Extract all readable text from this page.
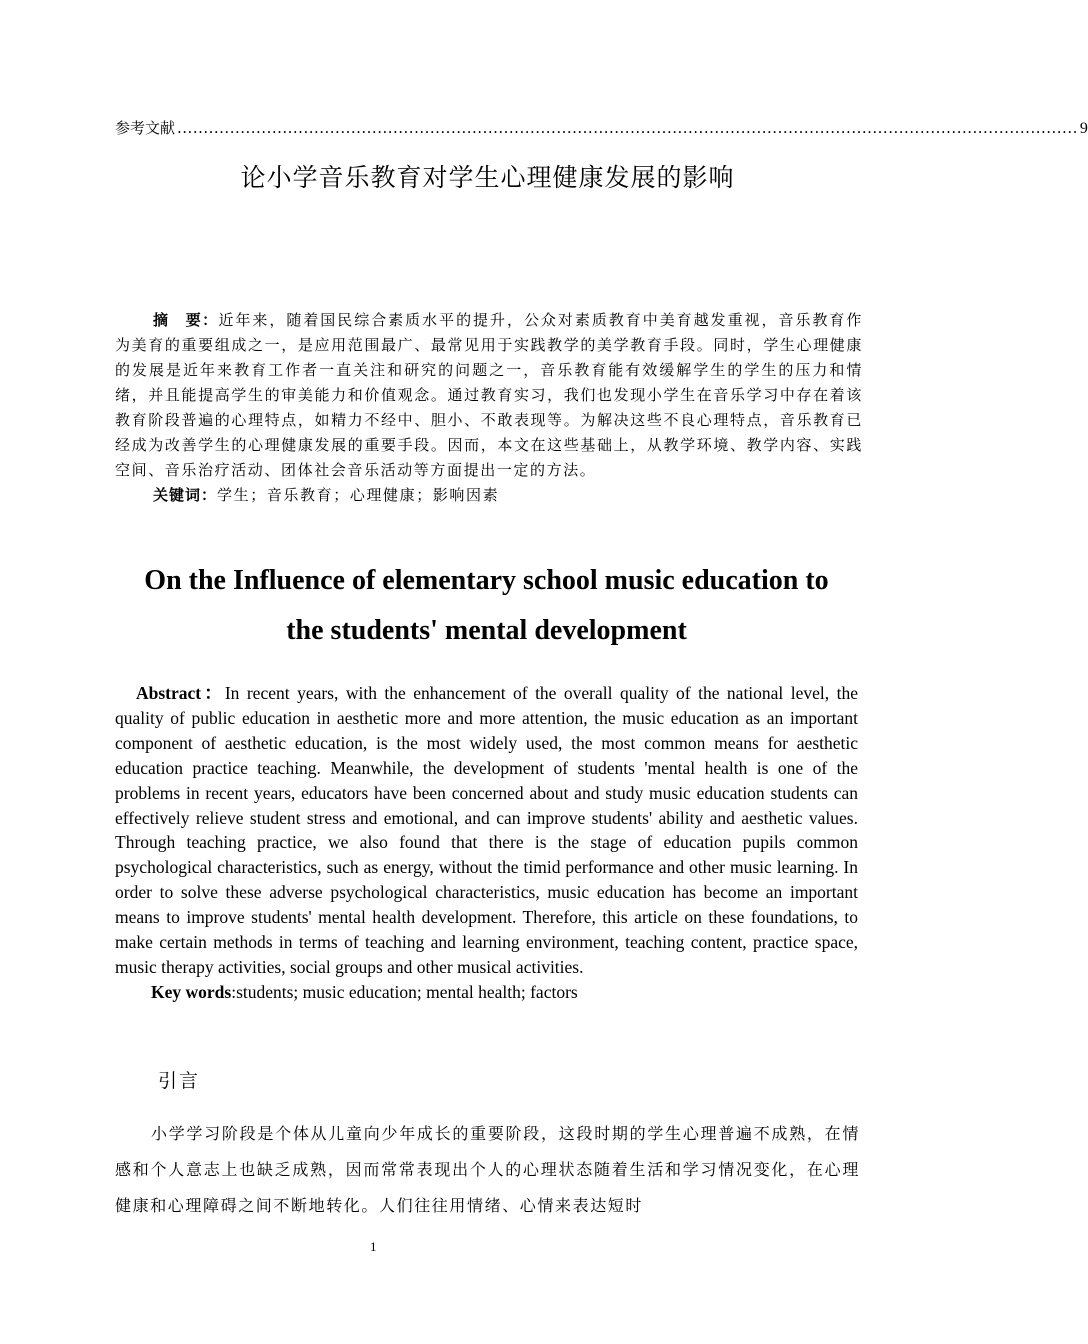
参考文献 ........................................................................................................................................................................... 9
论小学音乐教育对学生心理健康发展的影响

摘　要：近年来，随着国民综合素质水平的提升，公众对素质教育中美育越发重视，音乐教育作为美育的重要组成之一，是应用范围最广、最常见用于实践教学的美学教育手段。同时，学生心理健康的发展是近年来教育工作者一直关注和研究的问题之一，音乐教育能有效缓解学生的学生的压力和情绪，并且能提高学生的审美能力和价值观念。通过教育实习，我们也发现小学生在音乐学习中存在着该教育阶段普遍的心理特点，如精力不经中、胆小、不敢表现等。为解决这些不良心理特点，音乐教育已经成为改善学生的心理健康发展的重要手段。因而，本文在这些基础上，从教学环境、教学内容、实践空间、音乐治疗活动、团体社会音乐活动等方面提出一定的方法。

关键词：学生；音乐教育；心理健康；影响因素

On the Influence of elementary school music education to
the students' mental development

Abstract：In recent years, with the enhancement of the overall quality of the national level, the quality of public education in aesthetic more and more attention, the music education as an important component of aesthetic education, is the most widely used, the most common means for aesthetic education practice teaching. Meanwhile, the development of students 'mental health is one of the problems in recent years, educators have been concerned about and study music education students can effectively relieve student stress and emotional, and can improve students' ability and aesthetic values. Through teaching practice, we also found that there is the stage of education pupils common psychological characteristics, such as energy, without the timid performance and other music learning. In order to solve these adverse psychological characteristics, music education has become an important means to improve students' mental health development. Therefore, this article on these foundations, to make certain methods in terms of teaching and learning environment, teaching content, practice space, music therapy activities, social groups and other musical activities.

Key words:students; music education; mental health; factors

引言

小学学习阶段是个体从儿童向少年成长的重要阶段，这段时期的学生心理普遍不成熟，在情感和个人意志上也缺乏成熟，因而常常表现出个人的心理状态随着生活和学习情况变化，在心理健康和心理障碍之间不断地转化。人们往往用情绪、心情来表达短时

1
